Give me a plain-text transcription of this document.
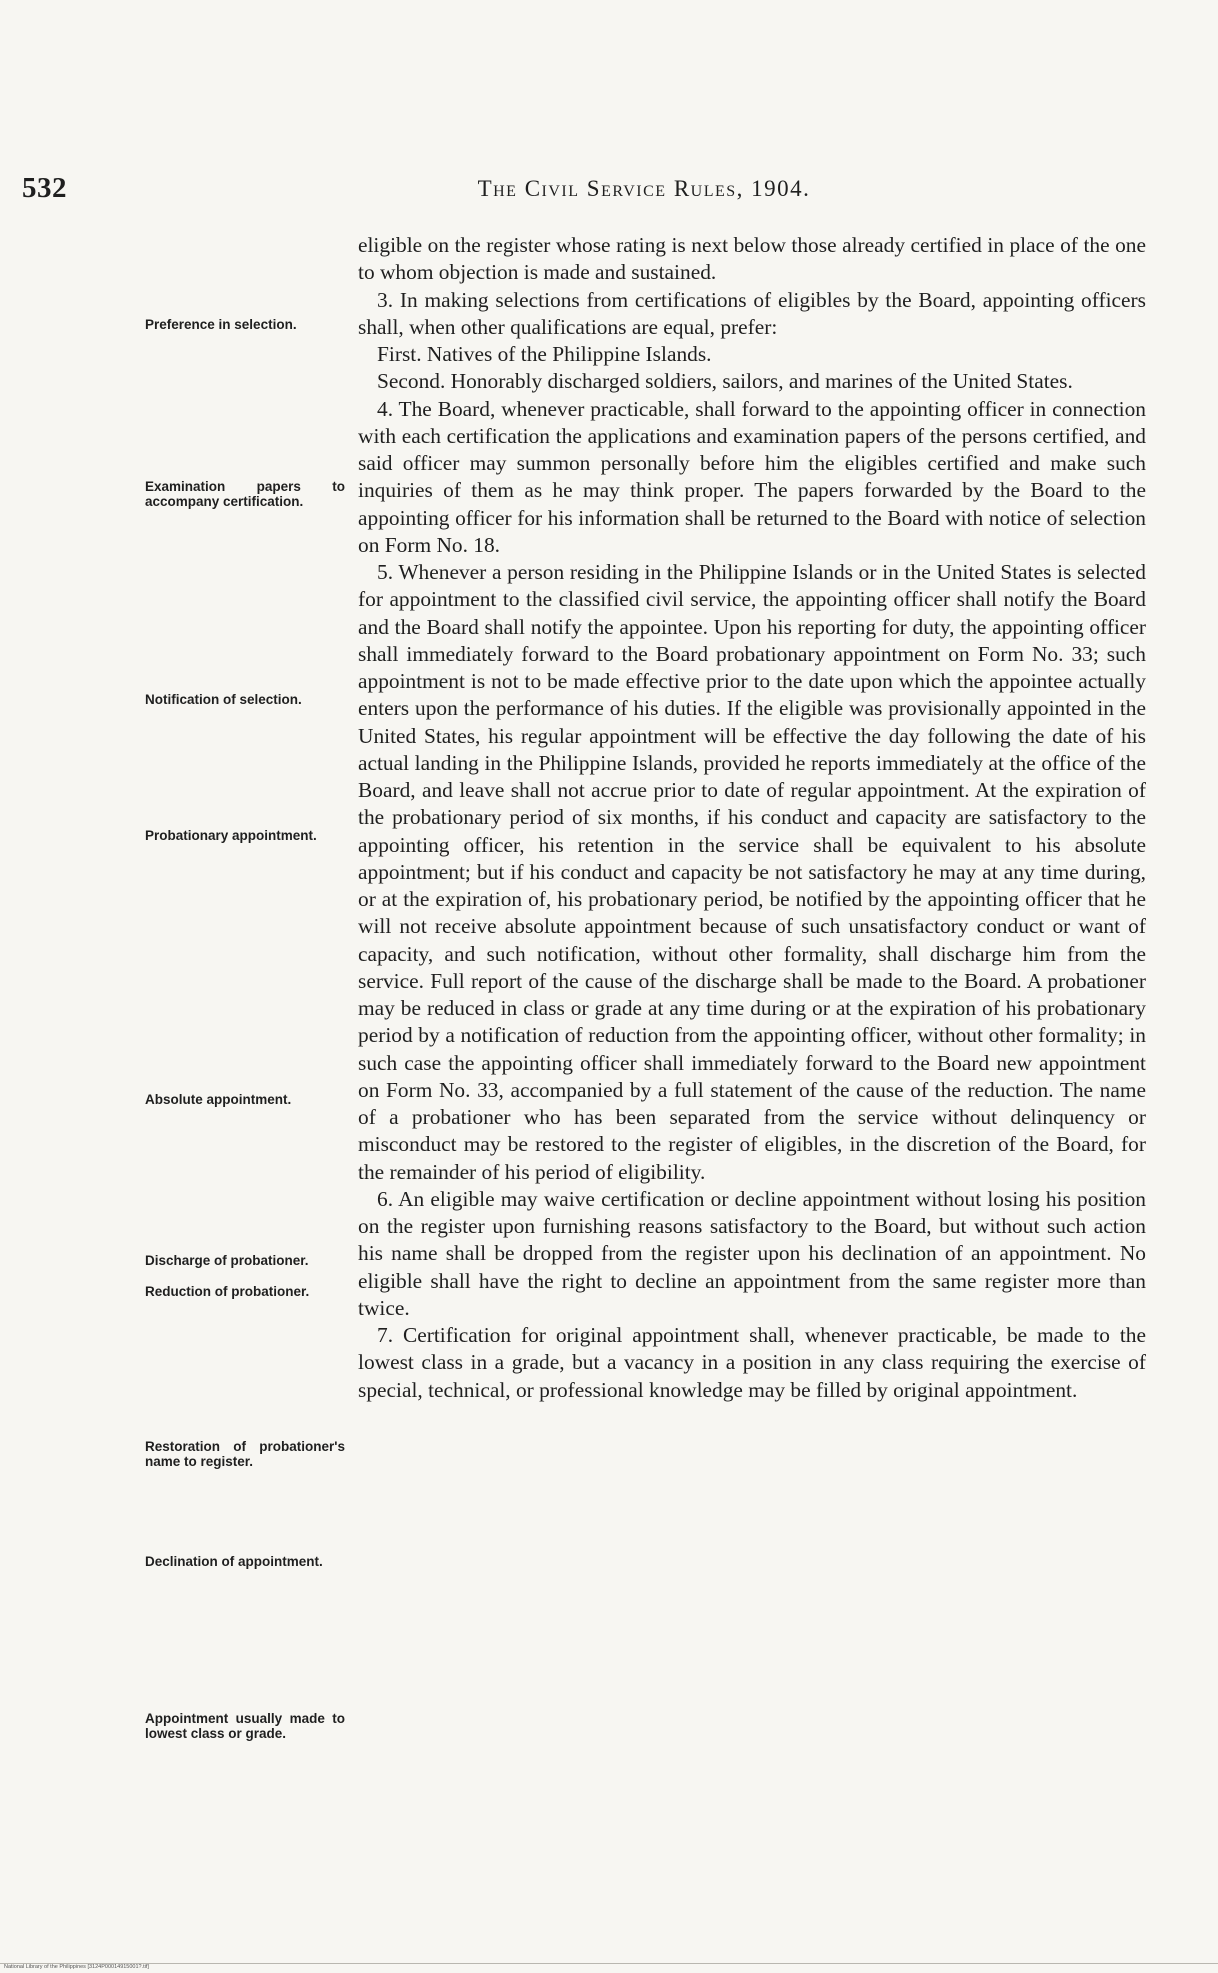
532	The Civil Service Rules, 1904.

eligible on the register whose rating is next below those already certified in place of the one to whom objection is made and sustained.

3. In making selections from certifications of eligibles by the Board, appointing officers shall, when other qualifications are equal, prefer:

First. Natives of the Philippine Islands.

Second. Honorably discharged soldiers, sailors, and marines of the United States.

4. The Board, whenever practicable, shall forward to the appointing officer in connection with each certification the applications and examination papers of the persons certified, and said officer may summon personally before him the eligibles certified and make such inquiries of them as he may think proper. The papers forwarded by the Board to the appointing officer for his information shall be returned to the Board with notice of selection on Form No. 18.

5. Whenever a person residing in the Philippine Islands or in the United States is selected for appointment to the classified civil service, the appointing officer shall notify the Board and the Board shall notify the appointee. Upon his reporting for duty, the appointing officer shall immediately forward to the Board probationary appointment on Form No. 33; such appointment is not to be made effective prior to the date upon which the appointee actually enters upon the performance of his duties. If the eligible was provisionally appointed in the United States, his regular appointment will be effective the day following the date of his actual landing in the Philippine Islands, provided he reports immediately at the office of the Board, and leave shall not accrue prior to date of regular appointment. At the expiration of the probationary period of six months, if his conduct and capacity are satisfactory to the appointing officer, his retention in the service shall be equivalent to his absolute appointment; but if his conduct and capacity be not satisfactory he may at any time during, or at the expiration of, his probationary period, be notified by the appointing officer that he will not receive absolute appointment because of such unsatisfactory conduct or want of capacity, and such notification, without other formality, shall discharge him from the service. Full report of the cause of the discharge shall be made to the Board. A probationer may be reduced in class or grade at any time during or at the expiration of his probationary period by a notification of reduction from the appointing officer, without other formality; in such case the appointing officer shall immediately forward to the Board new appointment on Form No. 33, accompanied by a full statement of the cause of the reduction. The name of a probationer who has been separated from the service without delinquency or misconduct may be restored to the register of eligibles, in the discretion of the Board, for the remainder of his period of eligibility.

6. An eligible may waive certification or decline appointment without losing his position on the register upon furnishing reasons satisfactory to the Board, but without such action his name shall be dropped from the register upon his declination of an appointment. No eligible shall have the right to decline an appointment from the same register more than twice.

7. Certification for original appointment shall, whenever practicable, be made to the lowest class in a grade, but a vacancy in a position in any class requiring the exercise of special, technical, or professional knowledge may be filled by original appointment.

Preference in selection.
Examination papers to accompany certification.
Notification of selection.
Probationary appointment.
Absolute appointment.
Discharge of probationer.
Reduction of probationer.
Restoration of probationer's name to register.
Declination of appointment.
Appointment usually made to lowest class or grade.
National Library of the Philippines [3124P00014915001?.tif]
